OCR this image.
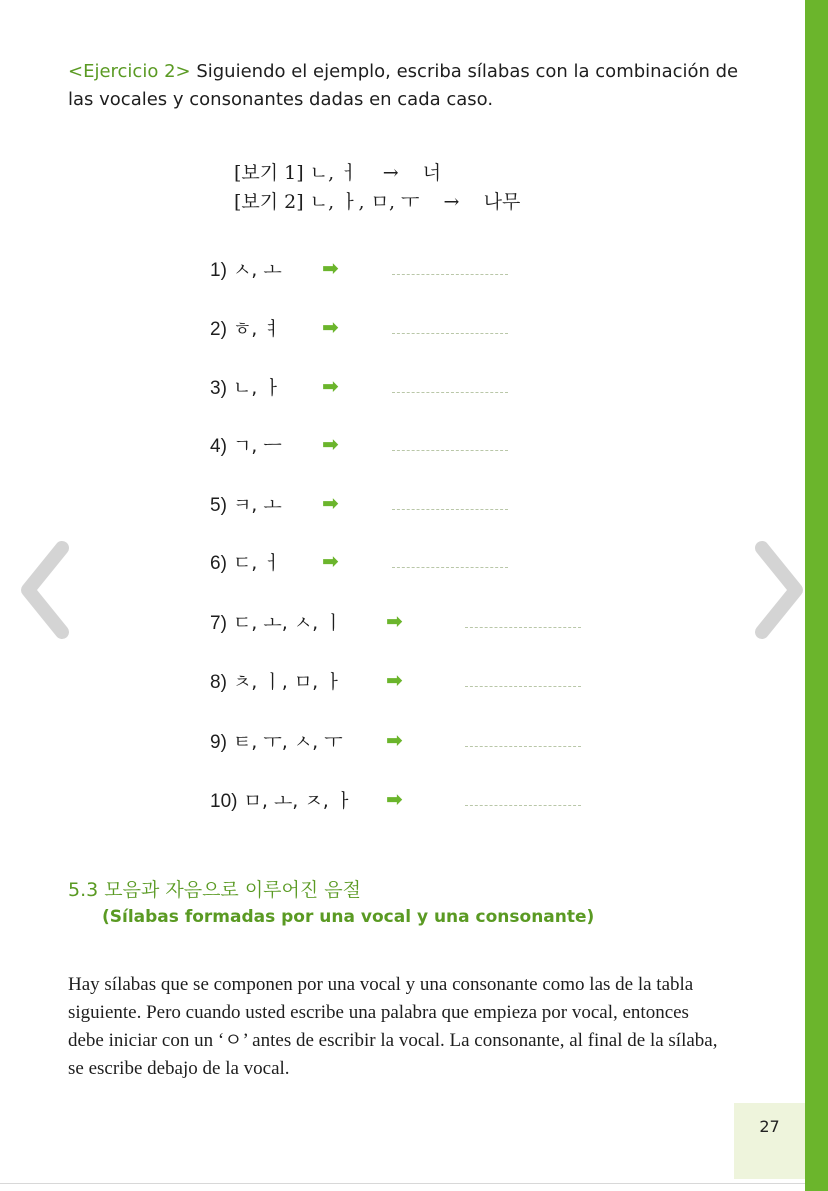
27
<Ejercicio 2> Siguiendo el ejemplo, escriba sílabas con la combinación de las vocales y consonantes dadas en cada caso.
[보기 1] ㄴ, ㅓ → 너
[보기 2] ㄴ, ㅏ, ㅁ, ㅜ → 나무
1) ㅅ, ㅗ ➡
2) ㅎ, ㅕ ➡
3) ㄴ, ㅏ ➡
4) ㄱ, ㅡ ➡
5) ㅋ, ㅗ ➡
6) ㄷ, ㅓ ➡
7) ㄷ, ㅗ, ㅅ, ㅣ ➡
8) ㅊ, ㅣ, ㅁ, ㅏ ➡
9) ㅌ, ㅜ, ㅅ, ㅜ ➡
10) ㅁ, ㅗ, ㅈ, ㅏ ➡
5.3 모음과 자음으로 이루어진 음절
(Sílabas formadas por una vocal y una consonante)
Hay sílabas que se componen por una vocal y una consonante como las de la tabla siguiente. Pero cuando usted escribe una palabra que empieza por vocal, entonces debe iniciar con un ‘ㅇ’ antes de escribir la vocal. La consonante, al final de la sílaba, se escribe debajo de la vocal.
